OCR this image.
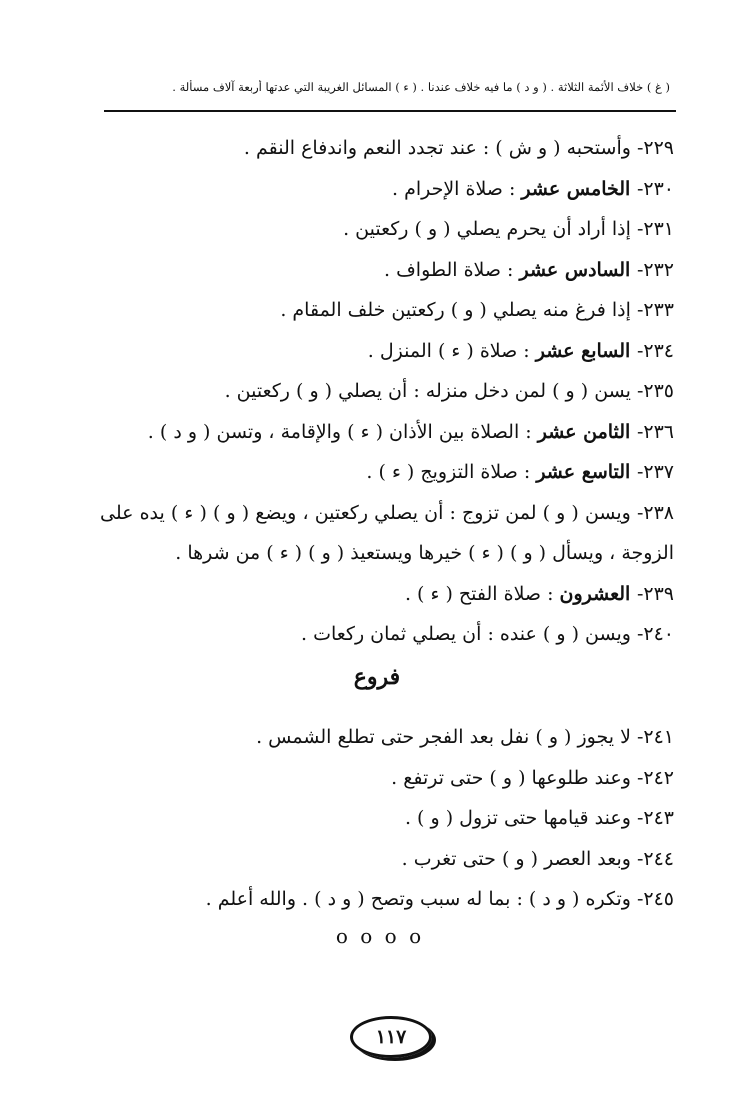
( غ ) خلاف الأئمة الثلاثة . ( و د ) ما فيه خلاف عندنا . ( ء ) المسائل الغريبة التي عدتها أربعة آلاف مسألة .
٢٢٩- وأستحبه ( و ش ) : عند تجدد النعم واندفاع النقم .
٢٣٠- الخامس عشر : صلاة الإحرام .
٢٣١- إذا أراد أن يحرم يصلي ( و ) ركعتين .
٢٣٢- السادس عشر : صلاة الطواف .
٢٣٣- إذا فرغ منه يصلي ( و ) ركعتين خلف المقام .
٢٣٤- السابع عشر : صلاة ( ء ) المنزل .
٢٣٥- يسن ( و ) لمن دخل منزله : أن يصلي ( و ) ركعتين .
٢٣٦- الثامن عشر : الصلاة بين الأذان ( ء ) والإقامة ، وتسن ( و د ) .
٢٣٧- التاسع عشر : صلاة التزويج ( ء ) .
٢٣٨- ويسن ( و ) لمن تزوج : أن يصلي ركعتين ، ويضع ( و ) ( ء ) يده على الزوجة ، ويسأل ( و ) ( ء ) خيرها ويستعيذ ( و ) ( ء ) من شرها .
٢٣٩- العشرون : صلاة الفتح ( ء ) .
٢٤٠- ويسن ( و ) عنده : أن يصلي ثمان ركعات .
فروع
٢٤١- لا يجوز ( و ) نفل بعد الفجر حتى تطلع الشمس .
٢٤٢- وعند طلوعها ( و ) حتى ترتفع .
٢٤٣- وعند قيامها حتى تزول ( و ) .
٢٤٤- وبعد العصر ( و ) حتى تغرب .
٢٤٥- وتكره ( و د ) : بما له سبب وتصح ( و د ) . والله أعلم .
o o o o
١١٧
